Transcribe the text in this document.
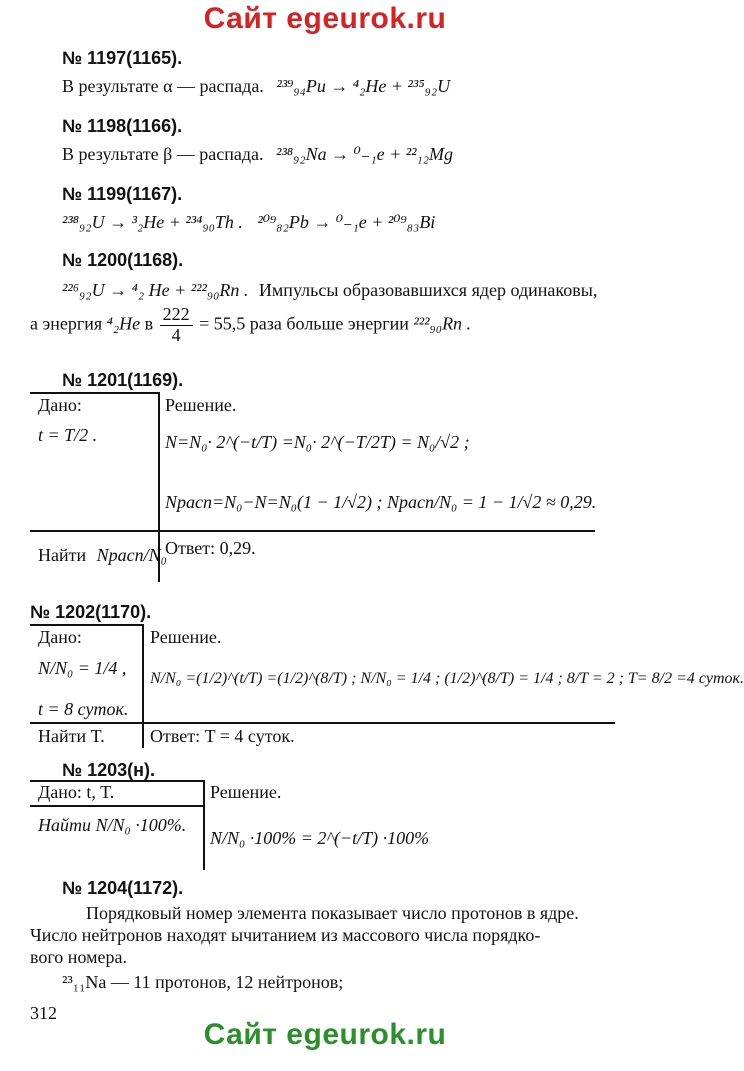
Сайт egeurok.ru
№ 1197(1165).
В результате α — распада. ²³⁹₉₄Pu → ⁴₂He + ²³⁵₉₂U
№ 1198(1166).
В результате β — распада. ²³⁸₉₂Na → ⁰₋₁e + ²²₁₂Mg
№ 1199(1167).
²³⁸₉₂U → ³₂He + ²³⁴₉₀Th . ²⁰⁹₈₂Pb → ⁰₋₁e + ²⁰⁹₈₃Bi
№ 1200(1168).
²²⁶₉₂U → ⁴₂ He + ²²²₉₀Rn . Импульсы образовавшихся ядер одинаковы,
а энергия ⁴₂He в $\frac{222}{4} = 55,5$ раза больше энергии ²²²₉₀Rn .
№ 1201(1169).
Дано:
t = T/2 .
Решение.
N=N₀· 2^(−t/T) =N₀· 2^(−T/2T) = N₀/√2 ;
Nрасп=N₀−N=N₀(1 − 1/√2) ; Nрасп/N₀ = 1 − 1/√2 ≈ 0,29.
Найти Nрасп/N₀
Ответ: 0,29.
№ 1202(1170).
Дано:
N/N₀ = 1/4 ,
t = 8 суток.
Решение.
N/N₀ =(1/2)^(t/T) =(1/2)^(8/T) ; N/N₀ = 1/4 ; (1/2)^(8/T) = 1/4 ; 8/T = 2 ; T= 8/2 =4 суток.
Найти T.	Ответ: T = 4 суток.
№ 1203(н).
Дано: t, T.
Найти N/N₀ ·100%.
Решение.
N/N₀ ·100% = 2^(−t/T) ·100%
№ 1204(1172).
Порядковый номер элемента показывает число протонов в ядре.
Число нейтронов находят ычитанием из массового числа порядко-
вого номера.
²³₁₁Na — 11 протонов, 12 нейтронов;
312
Сайт egeurok.ru
